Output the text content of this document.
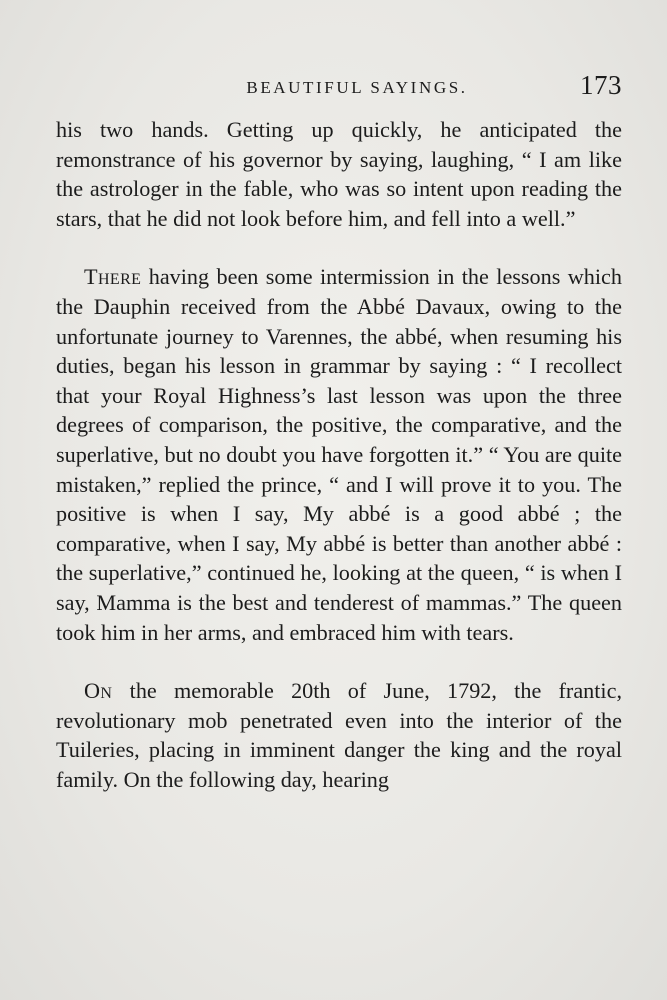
BEAUTIFUL SAYINGS.	173

his two hands. Getting up quickly, he anticipated the remonstrance of his governor by saying, laughing, “ I am like the astrologer in the fable, who was so intent upon reading the stars, that he did not look before him, and fell into a well.”

There having been some intermission in the lessons which the Dauphin received from the Abbé Davaux, owing to the unfortunate journey to Varennes, the abbé, when resuming his duties, began his lesson in grammar by saying : “ I recollect that your Royal Highness’s last lesson was upon the three degrees of comparison, the positive, the comparative, and the superlative, but no doubt you have forgotten it.” “ You are quite mistaken,” replied the prince, “ and I will prove it to you. The positive is when I say, My abbé is a good abbé ; the comparative, when I say, My abbé is better than another abbé : the superlative,” continued he, looking at the queen, “ is when I say, Mamma is the best and tenderest of mammas.” The queen took him in her arms, and embraced him with tears.

On the memorable 20th of June, 1792, the frantic, revolutionary mob penetrated even into the interior of the Tuileries, placing in imminent danger the king and the royal family. On the following day, hearing
